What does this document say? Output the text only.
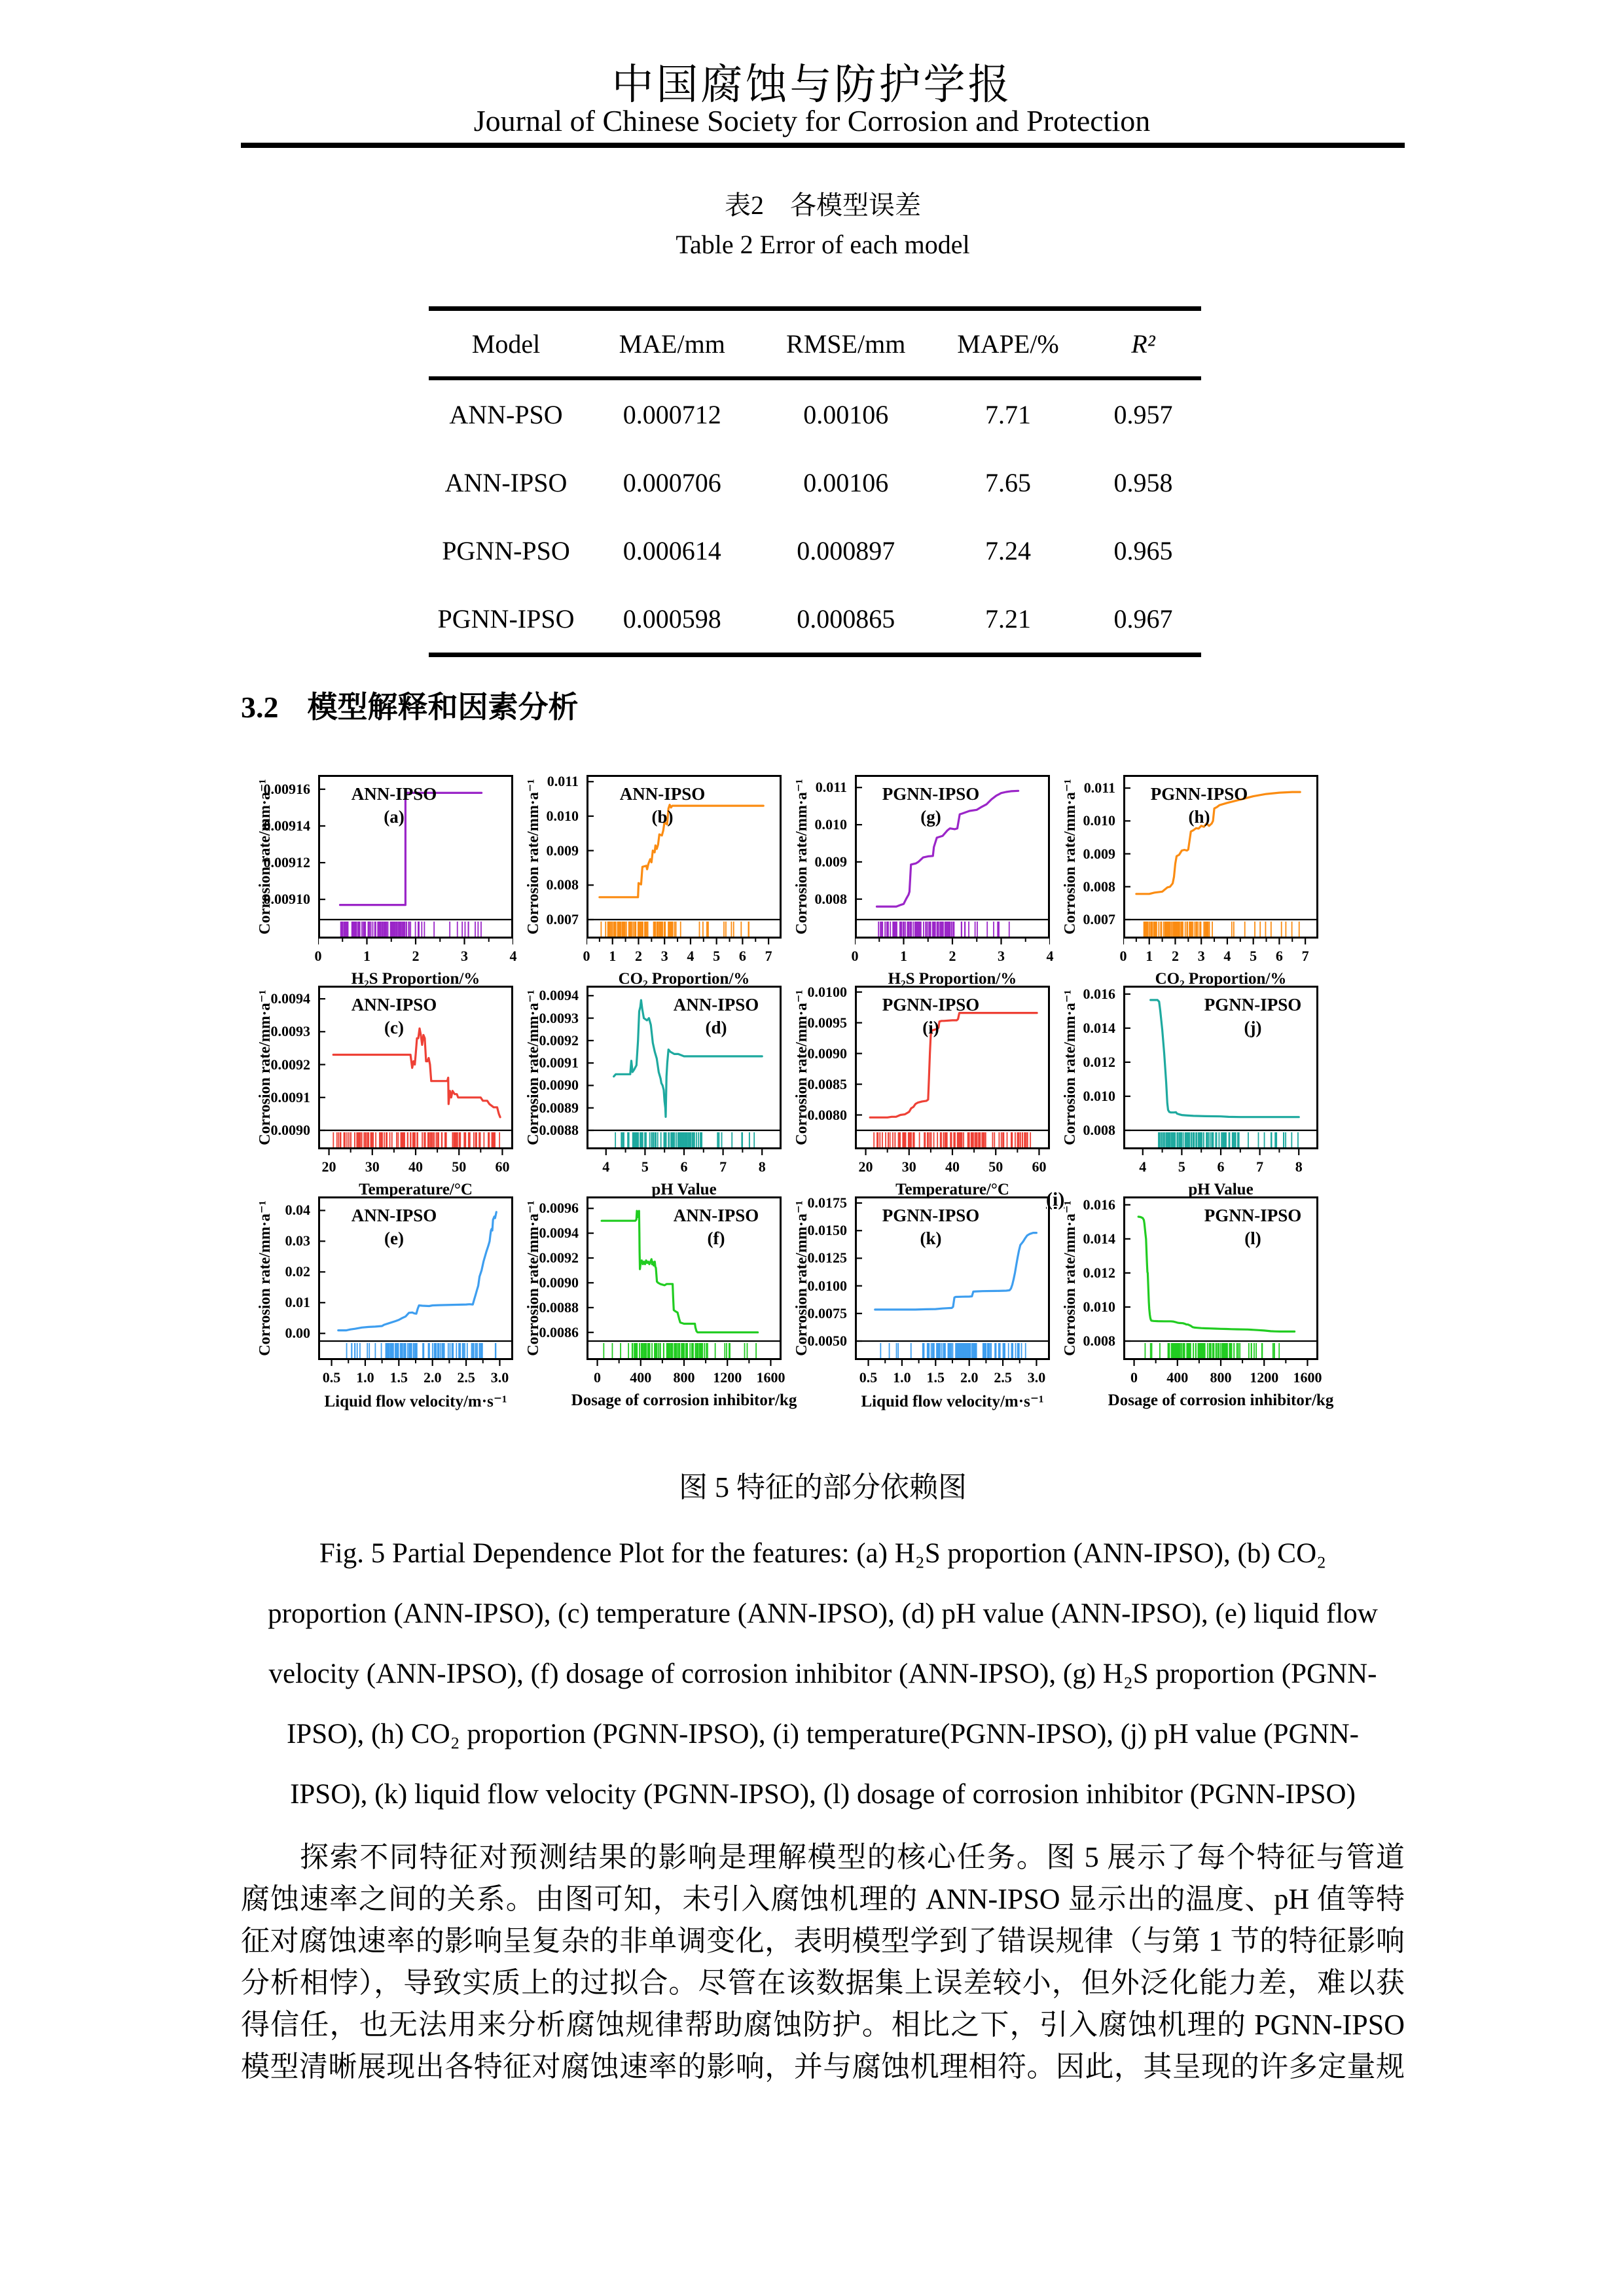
中国腐蚀与防护学报
Journal of Chinese Society for Corrosion and Protection
表2　各模型误差
Table 2 Error of each model
Model	MAE/mm	RMSE/mm	MAPE/%	R²
ANN-PSO	0.000712	0.00106	7.71	0.957
ANN-IPSO	0.000706	0.00106	7.65	0.958
PGNN-PSO	0.000614	0.000897	7.24	0.965
PGNN-IPSO	0.000598	0.000865	7.21	0.967
3.2 模型解释和因素分析
Corrosion rate/mm·a⁻¹
0.00916
0.00914
0.00912
0.00910
ANN-IPSO
(a)
0	1	2	3	4
H₂S Proportion/%
Corrosion rate/mm·a⁻¹ 0.011
0.010
0.009
0.008
0.007
ANN-IPSO
(b)
0	1	2	3	4	5	6	7
CO₂ Proportion/%
Corrosion rate/mm·a⁻¹ 0.011
0.010
0.009
0.008
PGNN-IPSO
(g)
0	1	2	3	4
H₂S Proportion/%
Corrosion rate/mm·a⁻¹ 0.011
0.010
0.009
0.008
0.007
PGNN-IPSO
(h)
0	1	2	3	4	5	6	7
CO₂ Proportion/%
Corrosion rate/mm·a⁻¹
0.0094
0.0093
0.0092
0.0091
0.0090
ANN-IPSO
(c)
20	30	40	50	60
Temperature/°C
Corrosion rate/mm·a⁻¹
0.0094
0.0093
0.0092
0.0091
0.0090
0.0089
0.0088
ANN-IPSO
(d)
4	5	6	7	8
pH Value
Corrosion rate/mm·a⁻¹
0.0100
0.0095
0.0090
0.0085
0.0080
PGNN-IPSO
(i)
20	30	40	50	60
Temperature/°C
Corrosion rate/mm·a⁻¹ 0.016
0.014
0.012
0.010
0.008
PGNN-IPSO
(j)
4	5	6	7	8
pH Value
Corrosion rate/mm·a⁻¹ 0.04
0.03
0.02
0.01
0.00
ANN-IPSO
(e)
0.5	1.0	1.5	2.0	2.5	3.0
Liquid flow velocity/m·s⁻¹
Corrosion rate/mm·a⁻¹
0.0096
0.0094
0.0092
0.0090
0.0088
0.0086
ANN-IPSO
(f)
0	400	800	1200	1600
Dosage of corrosion inhibitor/kg
Corrosion rate/mm·a⁻¹
0.0175
0.0150
0.0125
0.0100
0.0075
0.0050
PGNN-IPSO
(k)
0.5	1.0	1.5	2.0	2.5	3.0
Liquid flow velocity/m·s⁻¹
Corrosion rate/mm·a⁻¹ 0.016
0.014
0.012
0.010
0.008
PGNN-IPSO
(l)
0	400	800	1200	1600
Dosage of corrosion inhibitor/kg
(i)
图 5 特征的部分依赖图
Fig. 5 Partial Dependence Plot for the features: (a) H₂S proportion (ANN-IPSO), (b) CO₂
proportion (ANN-IPSO), (c) temperature (ANN-IPSO), (d) pH value (ANN-IPSO), (e) liquid flow
velocity (ANN-IPSO), (f) dosage of corrosion inhibitor (ANN-IPSO), (g) H₂S proportion (PGNN-
IPSO), (h) CO₂ proportion (PGNN-IPSO), (i) temperature(PGNN-IPSO), (j) pH value (PGNN-
IPSO), (k) liquid flow velocity (PGNN-IPSO), (l) dosage of corrosion inhibitor (PGNN-IPSO)
探索不同特征对预测结果的影响是理解模型的核心任务。图 5 展示了每个特征与管道
腐蚀速率之间的关系。由图可知，未引入腐蚀机理的 ANN-IPSO 显示出的温度、pH 值等特
征对腐蚀速率的影响呈复杂的非单调变化，表明模型学到了错误规律（与第 1 节的特征影响
分析相悖），导致实质上的过拟合。尽管在该数据集上误差较小，但外泛化能力差，难以获
得信任，也无法用来分析腐蚀规律帮助腐蚀防护。相比之下，引入腐蚀机理的 PGNN-IPSO
模型清晰展现出各特征对腐蚀速率的影响，并与腐蚀机理相符。因此，其呈现的许多定量规
